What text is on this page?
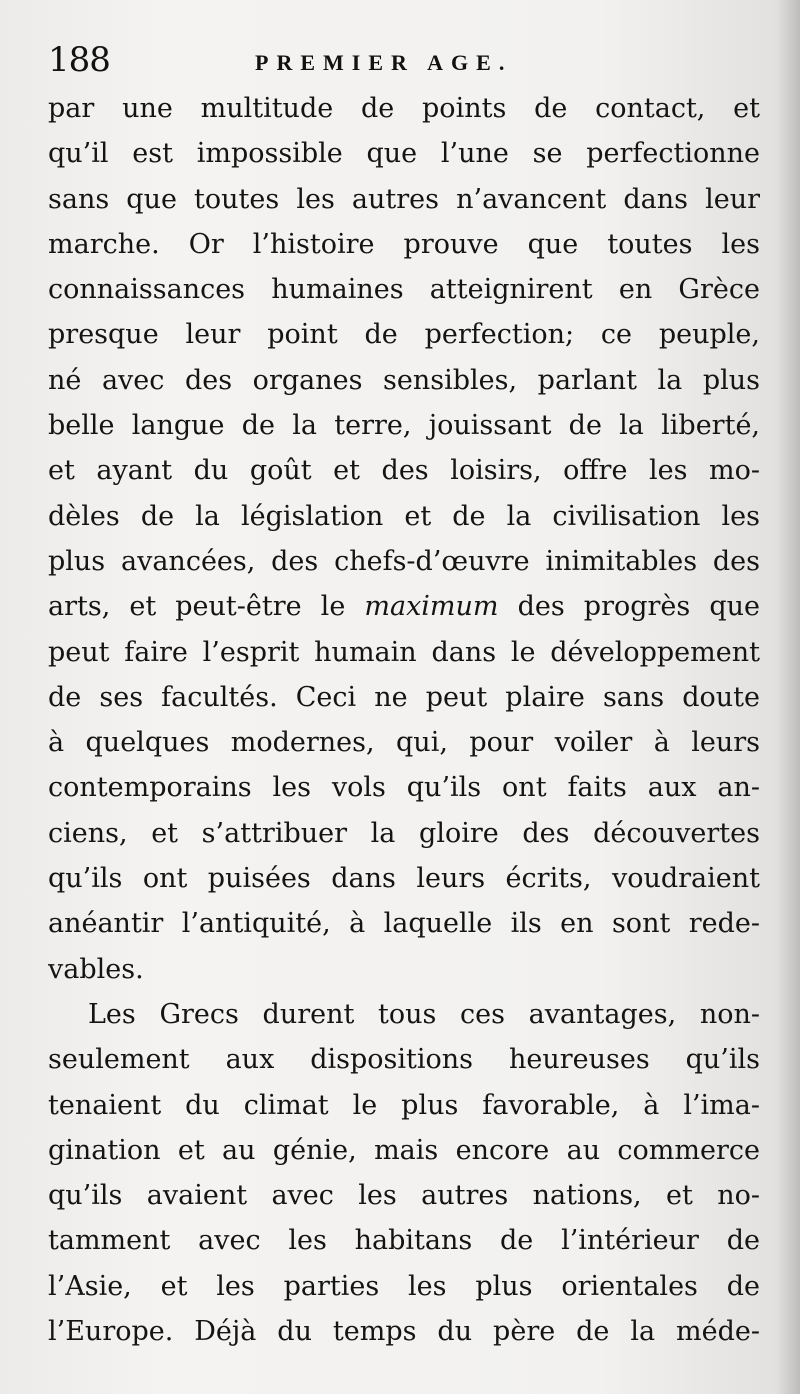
188	PREMIER AGE.
par une multitude de points de contact, et
qu’il est impossible que l’une se perfectionne
sans que toutes les autres n’avancent dans leur
marche. Or l’histoire prouve que toutes les
connaissances humaines atteignirent en Grèce
presque leur point de perfection; ce peuple,
né avec des organes sensibles, parlant la plus
belle langue de la terre, jouissant de la liberté,
et ayant du goût et des loisirs, offre les mo-
dèles de la législation et de la civilisation les
plus avancées, des chefs-d’œuvre inimitables des
arts, et peut-être le maximum des progrès que
peut faire l’esprit humain dans le développement
de ses facultés. Ceci ne peut plaire sans doute
à quelques modernes, qui, pour voiler à leurs
contemporains les vols qu’ils ont faits aux an-
ciens, et s’attribuer la gloire des découvertes
qu’ils ont puisées dans leurs écrits, voudraient
anéantir l’antiquité, à laquelle ils en sont rede-
vables.
Les Grecs durent tous ces avantages, non-
seulement aux dispositions heureuses qu’ils
tenaient du climat le plus favorable, à l’ima-
gination et au génie, mais encore au commerce
qu’ils avaient avec les autres nations, et no-
tamment avec les habitans de l’intérieur de
l’Asie, et les parties les plus orientales de
l’Europe. Déjà du temps du père de la méde-
